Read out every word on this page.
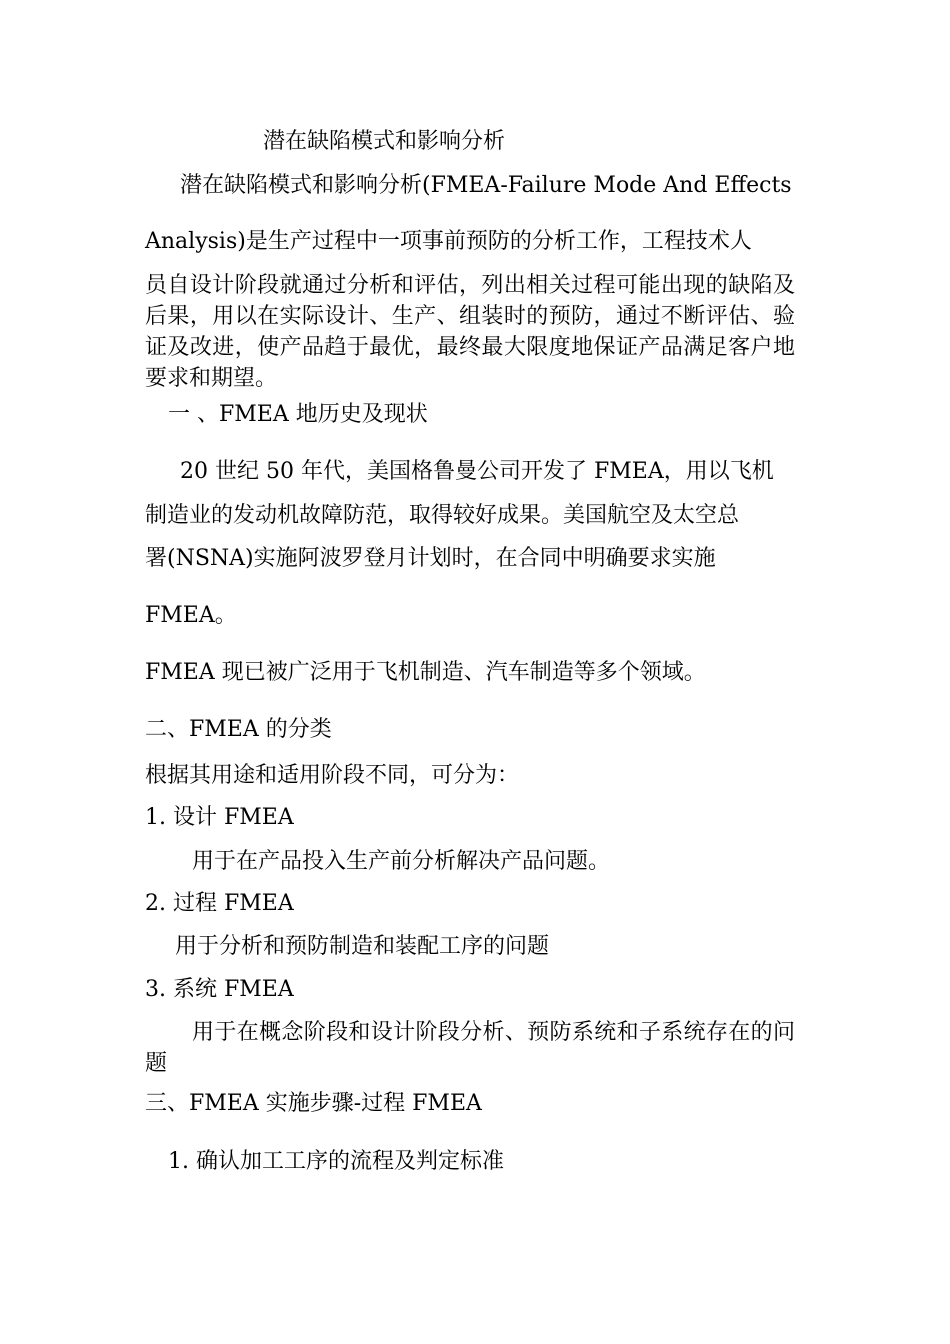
潜在缺陷模式和影响分析
潜在缺陷模式和影响分析(FMEA-Failure Mode And Effects
Analysis)是生产过程中一项事前预防的分析工作，工程技术人
员自设计阶段就通过分析和评估，列出相关过程可能出现的缺陷及后果，用以在实际设计、生产、组装时的预防，通过不断评估、验证及改进，使产品趋于最优，最终最大限度地保证产品满足客户地要求和期望。
一 、FMEA 地历史及现状
20 世纪 50 年代，美国格鲁曼公司开发了 FMEA，用以飞机
制造业的发动机故障防范，取得较好成果。美国航空及太空总
署(NSNA)实施阿波罗登月计划时，在合同中明确要求实施
FMEA。
FMEA 现已被广泛用于飞机制造、汽车制造等多个领域。
二、FMEA 的分类
根据其用途和适用阶段不同，可分为：
1. 设计 FMEA
用于在产品投入生产前分析解决产品问题。
2. 过程 FMEA
用于分析和预防制造和装配工序的问题
3. 系统 FMEA
用于在概念阶段和设计阶段分析、预防系统和子系统存在的问题
三、FMEA 实施步骤-过程 FMEA
1. 确认加工工序的流程及判定标准
